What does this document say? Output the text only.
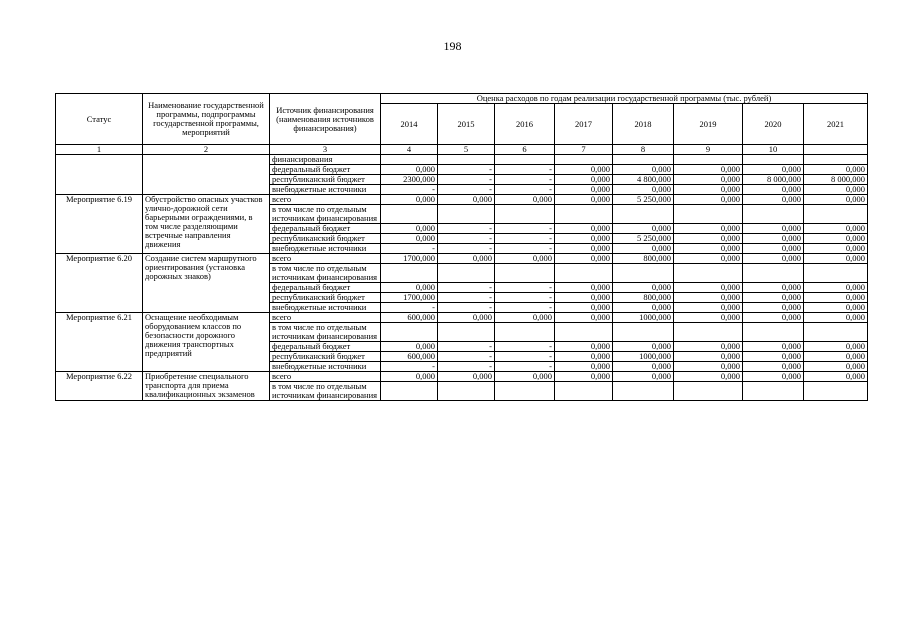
198
Статус	Наименование государственной программы, подпрограммы государственной программы, мероприятий	Источник финансирования (наименования источников финансирования)	Оценка расходов по годам реализации государственной программы (тыс. рублей)							
			2014	2015	2016	2017	2018	2019	2020	2021
1	2	3	4	5	6	7	8	9	10	
		финансирования								
		федеральный бюджет	0,000	-	-	0,000	0,000	0,000	0,000	0,000
		республиканский бюджет	2300,000	-	-	0,000	4 800,000	0,000	8 000,000	8 000,000
		внебюджетные источники	-	-	-	0,000	0,000	0,000	0,000	0,000
Мероприятие 6.19	Обустройство опасных участков улично-дорожной сети барьерными ограждениями, в том числе разделяющими встречные направления движения	всего	0,000	0,000	0,000	0,000	5 250,000	0,000	0,000	0,000
		в том числе по отдельным источникам финансирования								
		федеральный бюджет	0,000	-	-	0,000	0,000	0,000	0,000	0,000
		республиканский бюджет	0,000	-	-	0,000	5 250,000	0,000	0,000	0,000
		внебюджетные источники	-	-	-	0,000	0,000	0,000	0,000	0,000
Мероприятие 6.20	Создание систем маршрутного ориентирования (установка дорожных знаков)	всего	1700,000	0,000	0,000	0,000	800,000	0,000	0,000	0,000
		в том числе по отдельным источникам финансирования								
		федеральный бюджет	0,000	-	-	0,000	0,000	0,000	0,000	0,000
		республиканский бюджет	1700,000	-	-	0,000	800,000	0,000	0,000	0,000
		внебюджетные источники	-	-	-	0,000	0,000	0,000	0,000	0,000
Мероприятие 6.21	Оснащение необходимым оборудованием классов по безопасности дорожного движения транспортных предприятий	всего	600,000	0,000	0,000	0,000	1000,000	0,000	0,000	0,000
		в том числе по отдельным источникам финансирования								
		федеральный бюджет	0,000	-	-	0,000	0,000	0,000	0,000	0,000
		республиканский бюджет	600,000	-	-	0,000	1000,000	0,000	0,000	0,000
		внебюджетные источники	-	-	-	0,000	0,000	0,000	0,000	0,000
Мероприятие 6.22	Приобретение специального транспорта для приема квалификационных экзаменов	всего	0,000	0,000	0,000	0,000	0,000	0,000	0,000	0,000
		в том числе по отдельным источникам финансирования								
